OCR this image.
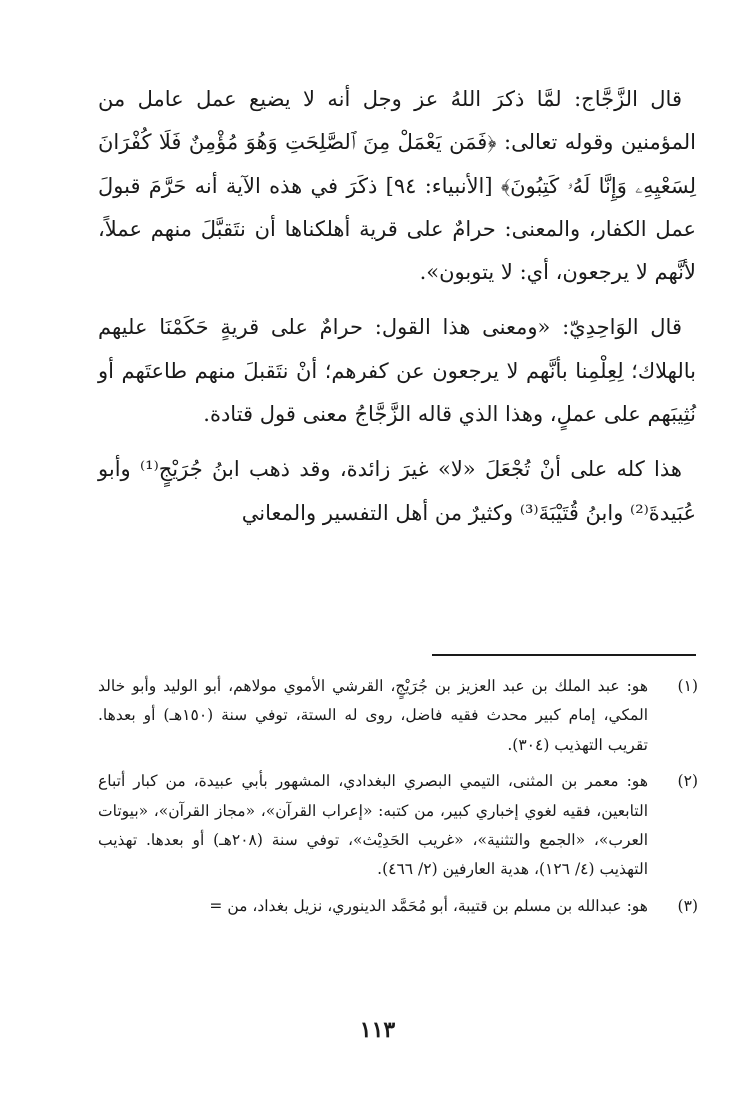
قال الزَّجَّاج: لمَّا ذكرَ اللهُ عز وجل أنه لا يضيع عمل عامل من المؤمنين وقوله تعالى: ﴿فَمَن يَعْمَلْ مِنَ ٱلصَّلِحَتِ وَهُوَ مُؤْمِنٌ فَلَا كُفْرَانَ لِسَعْيِهِۦ وَإِنَّا لَهُۥ كَتِبُونَ﴾ [الأنبياء: ٩٤] ذكَرَ في هذه الآية أنه حَرَّمَ قبولَ عمل الكفار، والمعنى: حرامٌ على قرية أهلكناها أن نتَقبَّلَ منهم عملاً، لأنَّهم لا يرجعون، أي: لا يتوبون».

قال الوَاحِدِيّ: «ومعنى هذا القول: حرامٌ على قريةٍ حَكَمْنَا عليهم بالهلاك؛ لِعِلْمِنا بأنَّهم لا يرجعون عن كفرهم؛ أنْ نتَقبلَ منهم طاعتَهم أو نُثِيبَهم على عملٍ، وهذا الذي قاله الزَّجَّاجُ معنى قول قتادة.

هذا كله على أنْ تُجْعَلَ «لا» غيرَ زائدة، وقد ذهب ابنُ جُرَيْجٍ⁽¹⁾ وأبو عُبَيدةَ⁽²⁾ وابنُ قُتَيْبَةَ⁽³⁾ وكثيرٌ من أهل التفسير والمعاني

(١)
هو: عبد الملك بن عبد العزيز بن جُرَيْجٍ، القرشي الأموي مولاهم، أبو الوليد وأبو خالد المكي، إمام كبير محدث فقيه فاضل، روى له الستة، توفي سنة (١٥٠هـ) أو بعدها. تقريب التهذيب (٣٠٤).
(٢)
هو: معمر بن المثنى، التيمي البصري البغدادي، المشهور بأبي عبيدة، من كبار أتباع التابعين، فقيه لغوي إخباري كبير، من كتبه: «إعراب القرآن»، «مجاز القرآن»، «بيوتات العرب»، «الجمع والتثنية»، «غريب الحَدِيْث»، توفي سنة (٢٠٨هـ) أو بعدها. تهذيب التهذيب (٤/ ١٢٦)، هدية العارفين (٢/ ٤٦٦).
(٣)
هو: عبدالله بن مسلم بن قتيبة، أبو مُحَمَّد الدينوري، نزيل بغداد، من =
١١٣
